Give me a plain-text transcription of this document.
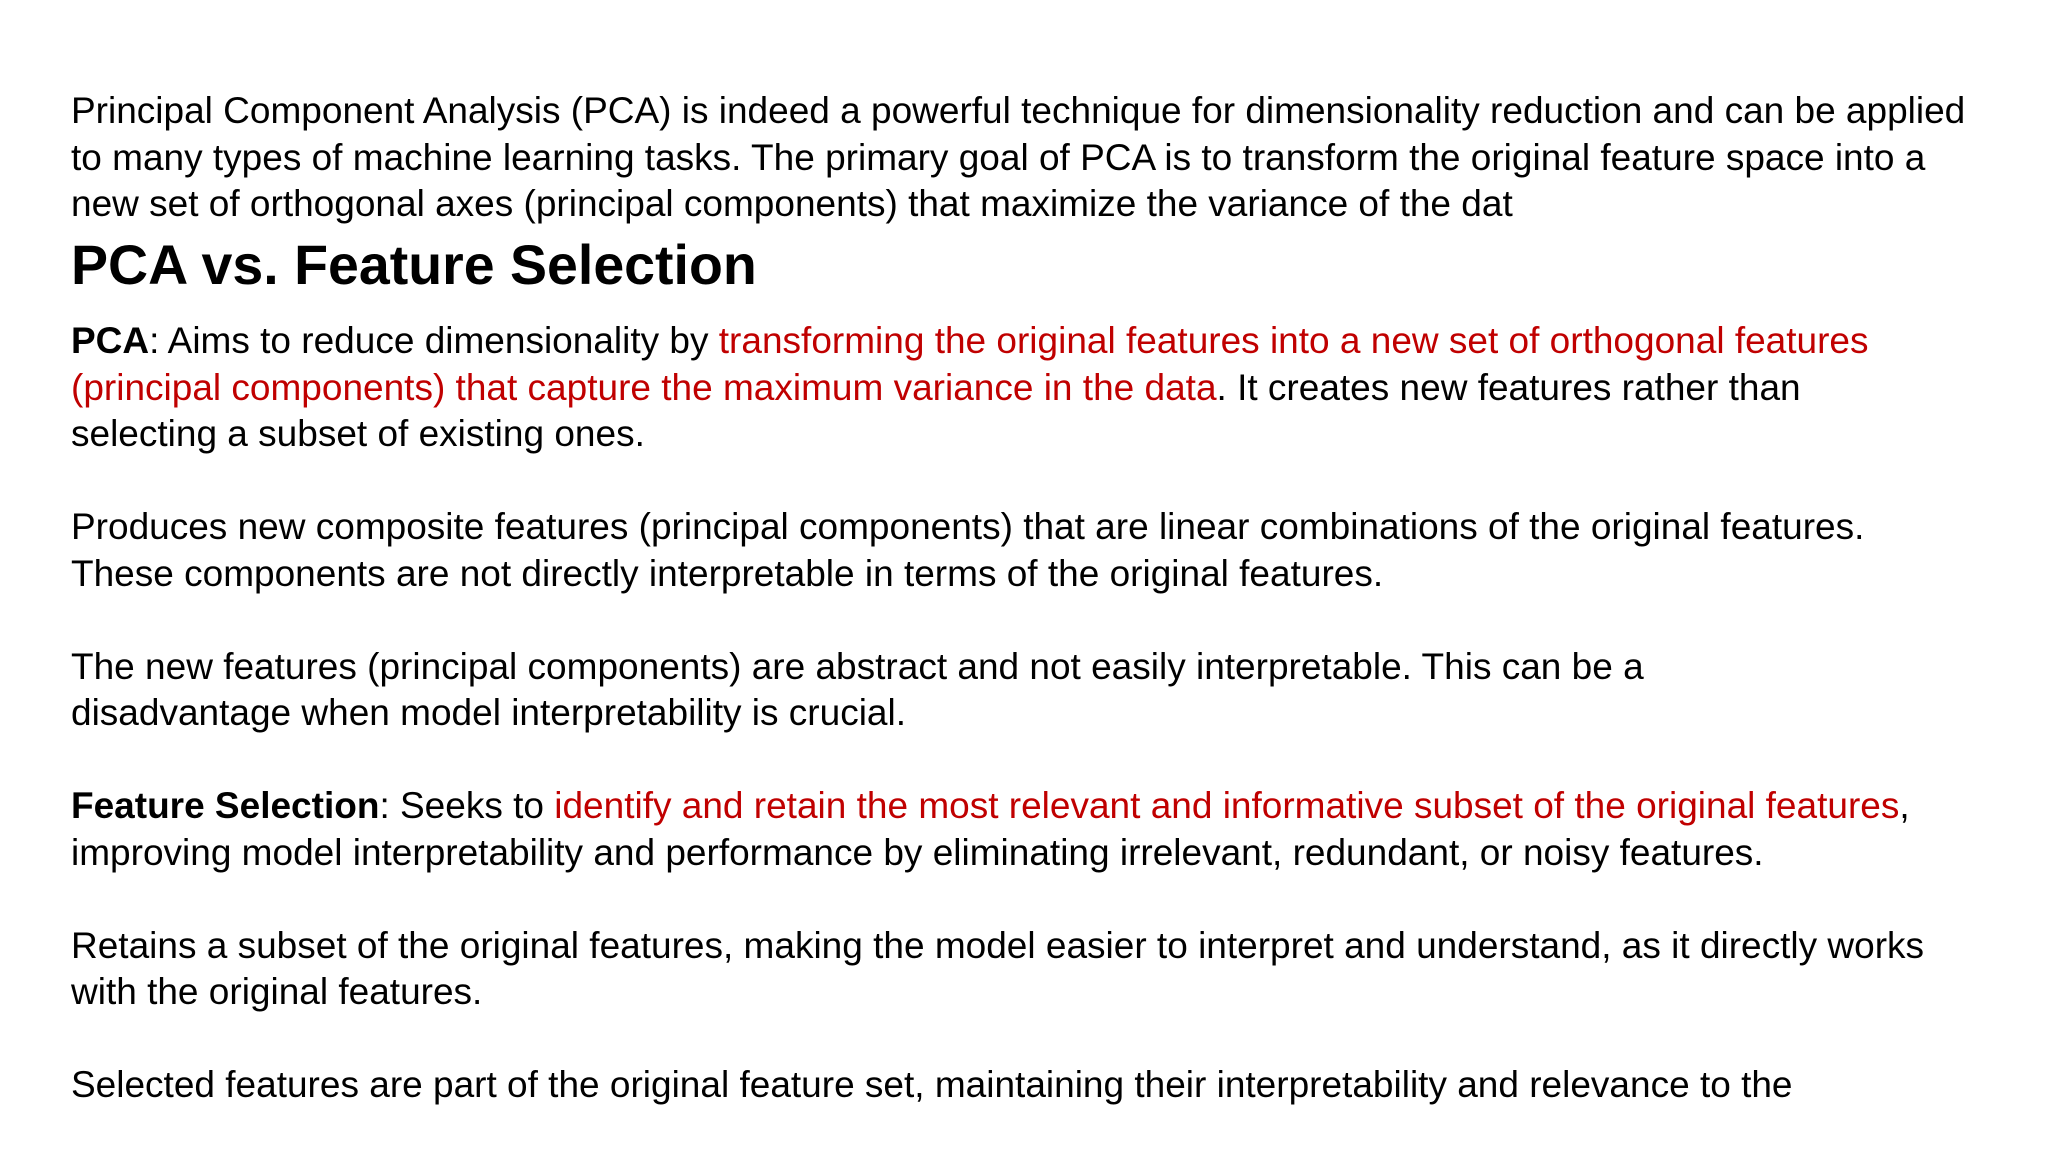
Principal Component Analysis (PCA) is indeed a powerful technique for dimensionality reduction and can be applied to many types of machine learning tasks. The primary goal of PCA is to transform the original feature space into a new set of orthogonal axes (principal components) that maximize the variance of the dat

PCA vs. Feature Selection

PCA: Aims to reduce dimensionality by transforming the original features into a new set of orthogonal features (principal components) that capture the maximum variance in the data. It creates new features rather than selecting a subset of existing ones.

Produces new composite features (principal components) that are linear combinations of the original features. These components are not directly interpretable in terms of the original features.

The new features (principal components) are abstract and not easily interpretable. This can be a disadvantage when model interpretability is crucial.

Feature Selection: Seeks to identify and retain the most relevant and informative subset of the original features, improving model interpretability and performance by eliminating irrelevant, redundant, or noisy features.

Retains a subset of the original features, making the model easier to interpret and understand, as it directly works with the original features.

Selected features are part of the original feature set, maintaining their interpretability and relevance to the
